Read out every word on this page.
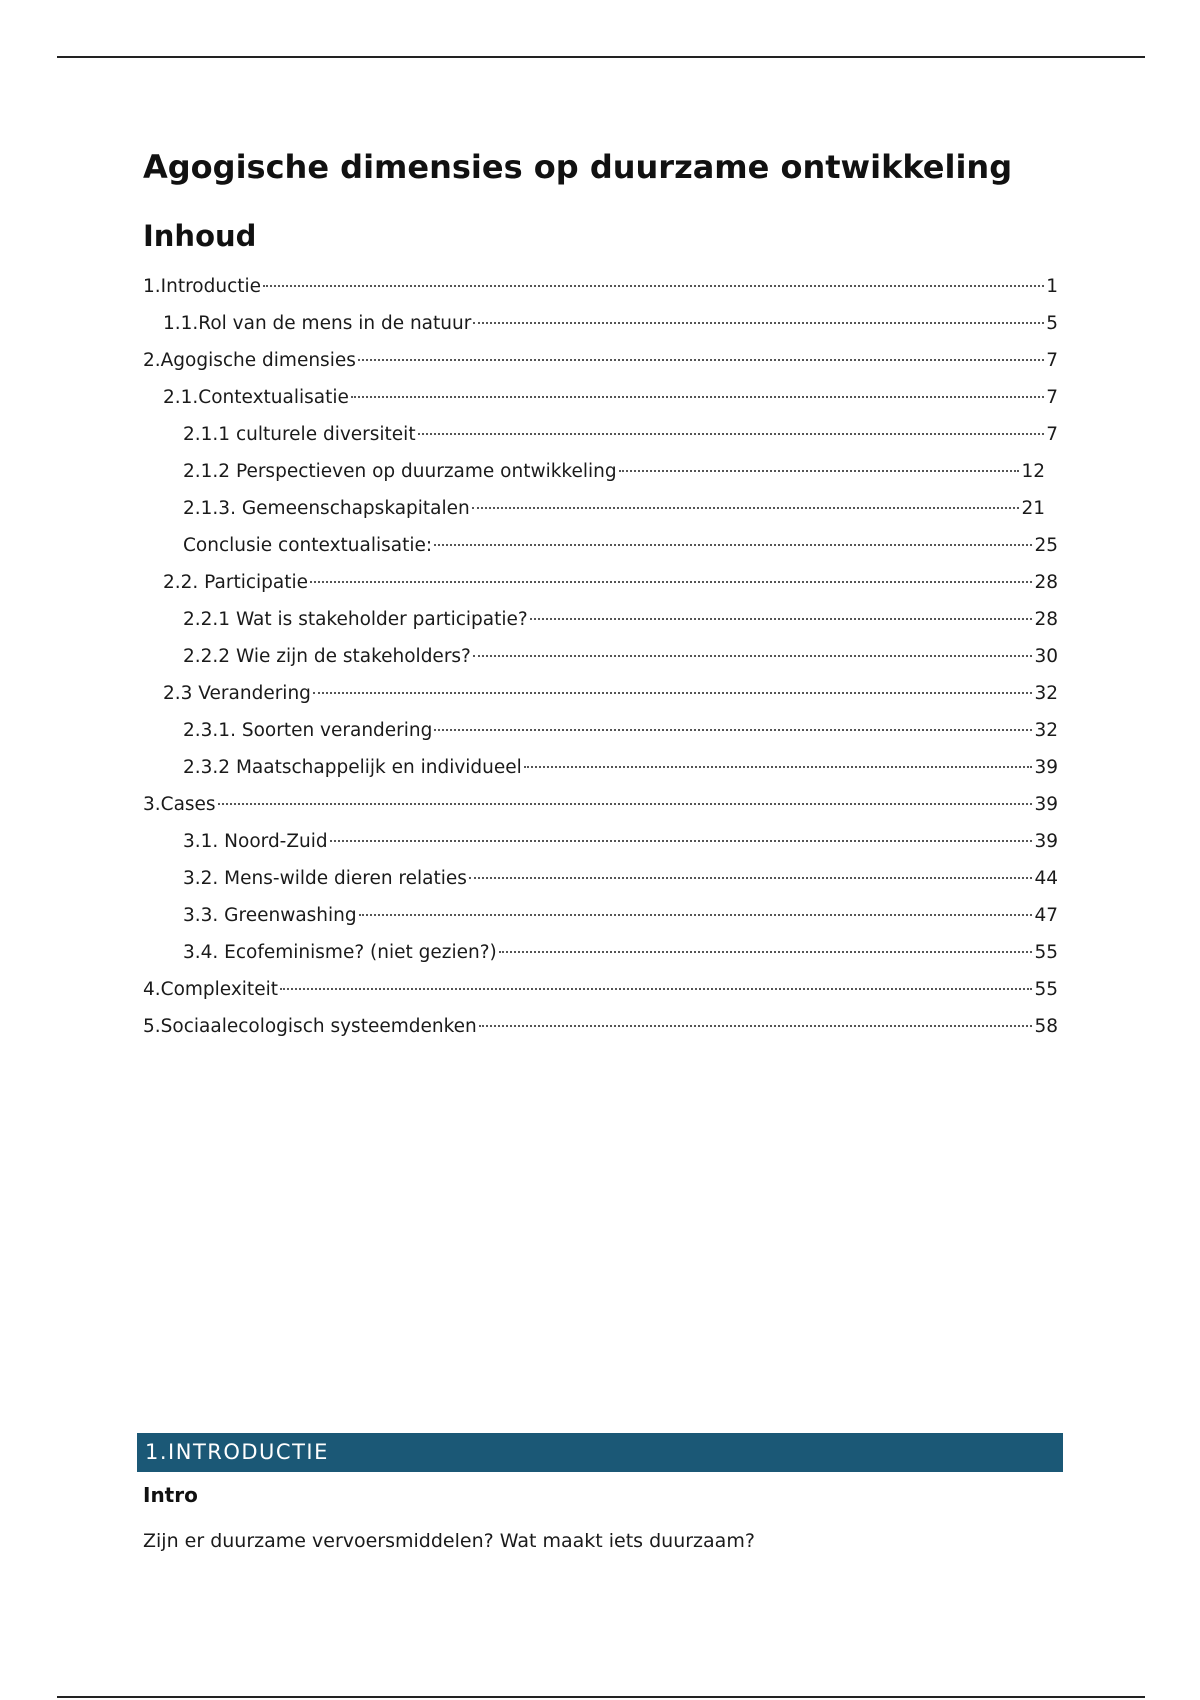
Agogische dimensies op duurzame ontwikkeling
Inhoud
1.Introductie	1
1.1.Rol van de mens in de natuur	5
2.Agogische dimensies	7
2.1.Contextualisatie	7
2.1.1 culturele diversiteit	7
2.1.2 Perspectieven op duurzame ontwikkeling	12
2.1.3. Gemeenschapskapitalen	21
Conclusie contextualisatie:	25
2.2. Participatie	28
2.2.1 Wat is stakeholder participatie?	28
2.2.2 Wie zijn de stakeholders?	30
2.3 Verandering	32
2.3.1. Soorten verandering	32
2.3.2 Maatschappelijk en individueel	39
3.Cases	39
3.1. Noord-Zuid	39
3.2. Mens-wilde dieren relaties	44
3.3. Greenwashing	47
3.4. Ecofeminisme? (niet gezien?)	55
4.Complexiteit	55
5.Sociaalecologisch systeemdenken	58
1.INTRODUCTIE
Intro

Zijn er duurzame vervoersmiddelen? Wat maakt iets duurzaam?
